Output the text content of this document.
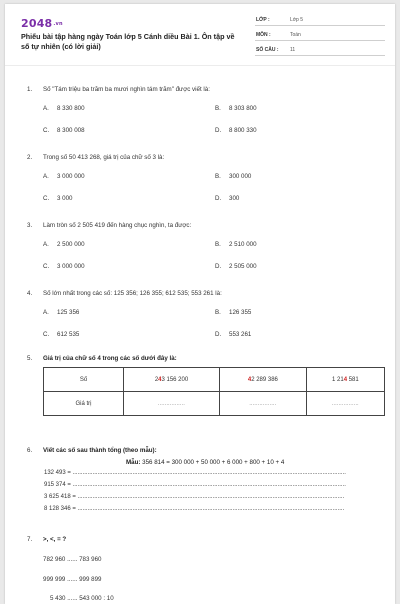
2048.vn
Phiếu bài tập hàng ngày Toán lớp 5 Cánh diều Bài 1. Ôn tập về số tự nhiên (có lời giải)
LỚP :	Lớp 5
MÔN :	Toán
SỐ CÂU : 11
1.	Số "Tám triệu ba trăm ba mươi nghìn tám trăm" được viết là:
A. 8 330 800	B. 8 303 800
C. 8 300 008	D. 8 800 330
2.	Trong số 50 413 268, giá trị của chữ số 3 là:
A. 3 000 000	B. 300 000
C. 3 000	D. 300
3.	Làm tròn số 2 505 419 đến hàng chục nghìn, ta được:
A. 2 500 000	B. 2 510 000
C. 3 000 000	D. 2 505 000
4.	Số lớn nhất trong các số: 125 356; 126 355; 612 535; 553 261 là:
A. 125 356	B. 126 355
C. 612 535	D. 553 261
5.	Giá trị của chữ số 4 trong các số dưới đây là:
Số	243 156 200	42 289 386	1 214 581
Giá trị	................	................	................
6.	Viết các số sau thành tổng (theo mẫu):
Mẫu: 356 814 = 300 000 + 50 000 + 6 000 + 800 + 10 + 4
132 493 = ....................................................................................................................................................................
915 374 = ....................................................................................................................................................................
3 625 418 = ................................................................................................................................................................
8 128 346 = ................................................................................................................................................................
7.	>, <, = ?
782 960 ...... 783 960
999 999 ...... 999 899
5 430 ...... 543 000 : 10
